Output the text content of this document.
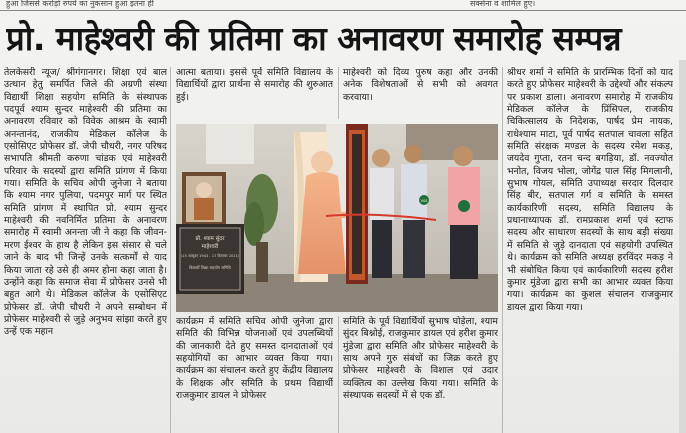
हुआ जिससे करोड़ों रुपये का नुकसान हुआ इतना ही	सक्सेना व शामिल हुए।
प्रो. माहेश्वरी की प्रतिमा का अनावरण समारोह सम्पन्न

तेलकेसरी न्यूज/ श्रीगंगानगर। शिक्षा एवं बाल उत्थान हेतु समर्पित जिले की अग्रणी संस्था विद्यार्थी शिक्षा सहयोग समिति के संस्थापक पदपूर्व श्याम सुन्दर माहेश्वरी की प्रतिमा का अनावरण रविवार को विवेक आश्रम के स्वामी अनन्तानंद, राजकीय मेडिकल कॉलेज के एसोसिएट प्रोफेसर डॉ. जेपी चौधरी, नगर परिषद सभापति श्रीमती करुणा चांडक एवं माहेश्वरी परिवार के सदस्यों द्वारा समिति प्रांगण में किया गया। समिति के सचिव ओपी जुनेजा ने बताया कि श्याम नगर पुलिया, पदमपुर मार्ग पर स्थित समिति प्रांगण में स्थापित प्रो. श्याम सुन्दर माहेश्वरी की नवनिर्मित प्रतिमा के अनावरण समारोह में स्वामी अनन्ता जी ने कहा कि जीवन-मरण ईश्वर के हाथ है लेकिन इस संसार से चले जाने के बाद भी जिन्हें उनके सत्कर्मों से याद किया जाता रहे उसे ही अमर होना कहा जाता है। उन्होंने कहा कि समाज सेवा में प्रोफेसर उनसे भी बहुत आगे थे। मेडिकल कॉलेज के एसोसिएट प्रोफेसर डॉ. जेपी चौधरी ने अपने सम्बोधन में प्रोफेसर माहेश्वरी से जुड़े अनुभव सांझा करते हुए उन्हें एक महान

आत्मा बताया। इससे पूर्व समिति विद्यालय के विद्यार्थियों द्वारा प्रार्थना से समारोह की शुरुआत हुई।

माहेश्वरी को दिव्य पुरुष कहा और उनकी अनेक विशेषताओं से सभी को अवगत करवाया।

श्रीधर शर्मा ने समिति के प्रारम्भिक दिनों को याद करते हुए प्रोफेसर माहेश्वरी के उद्देश्यों और संकल्प पर प्रकाश डाला। अनावरण समारोह में राजकीय मेडिकल कॉलेज के प्रिंसिपल, राजकीय चिकित्सालय के निदेशक, पार्षद प्रेम नायक, राधेश्याम माटा, पूर्व पार्षद सतपाल चावला सहित समिति संरक्षक मण्डल के सदस्य रमेश मकड़, जयदेव गुप्ता, रतन चन्द बगड़िया, डॉ. नवज्योत भनोत, विजय भोला, जोगेंद्र पाल सिंह मिगलानी, सुभाष गोयल, समिति उपाध्यक्ष सरदार दिलदार सिंह बीर, सतपाल गर्ग व समिति के समस्त कार्यकारिणी सदस्य, समिति विद्यालय के प्रधानाध्यापक डॉ. रामप्रकाश शर्मा एवं स्टाफ सदस्य और साधारण सदस्यों के साथ बड़ी संख्या में समिति से जुड़े दानदाता एवं सहयोगी उपस्थित थे। कार्यक्रम को समिति अध्यक्ष हरविंदर मकड़ ने भी संबोधित किया एवं कार्यकारिणी सदस्य हरीश कुमार मुंडेजा द्वारा सभी का आभार व्यक्त किया गया। कार्यक्रम का कुशल संचालन राजकुमार डायल द्वारा किया गया।

कार्यक्रम में समिति सचिव ओपी जुनेजा द्वारा समिति की विभिन्न योजनाओं एवं उपलब्धियों की जानकारी देते हुए समस्त दानदाताओं एवं सहयोगियों का आभार व्यक्त किया गया। कार्यक्रम का संचालन करते हुए केंद्रीय विद्यालय के शिक्षक और समिति के प्रथम विद्यार्थी राजकुमार डायल ने प्रोफेसर

समिति के पूर्व विद्यार्थियों सुभाष घोड़ेला, श्याम सुंदर बिश्नोई, राजकुमार डायल एवं हरीश कुमार मुंडेजा द्वारा समिति और प्रोफेसर माहेश्वरी के साथ अपने गुरु संबंधों का जिक्र करते हुए प्रोफेसर माहेश्वरी के विशाल एवं उदार व्यक्तित्व का उल्लेख किया गया। समिति के संस्थापक सदस्यों में से एक डॉ.

प्रो. श्याम सुंदर
माहेश्वरी
(15 अक्टूबर 1943 - 17 दिसम्बर 2021)
विद्यार्थी शिक्षा सहयोग समिति
VSS
